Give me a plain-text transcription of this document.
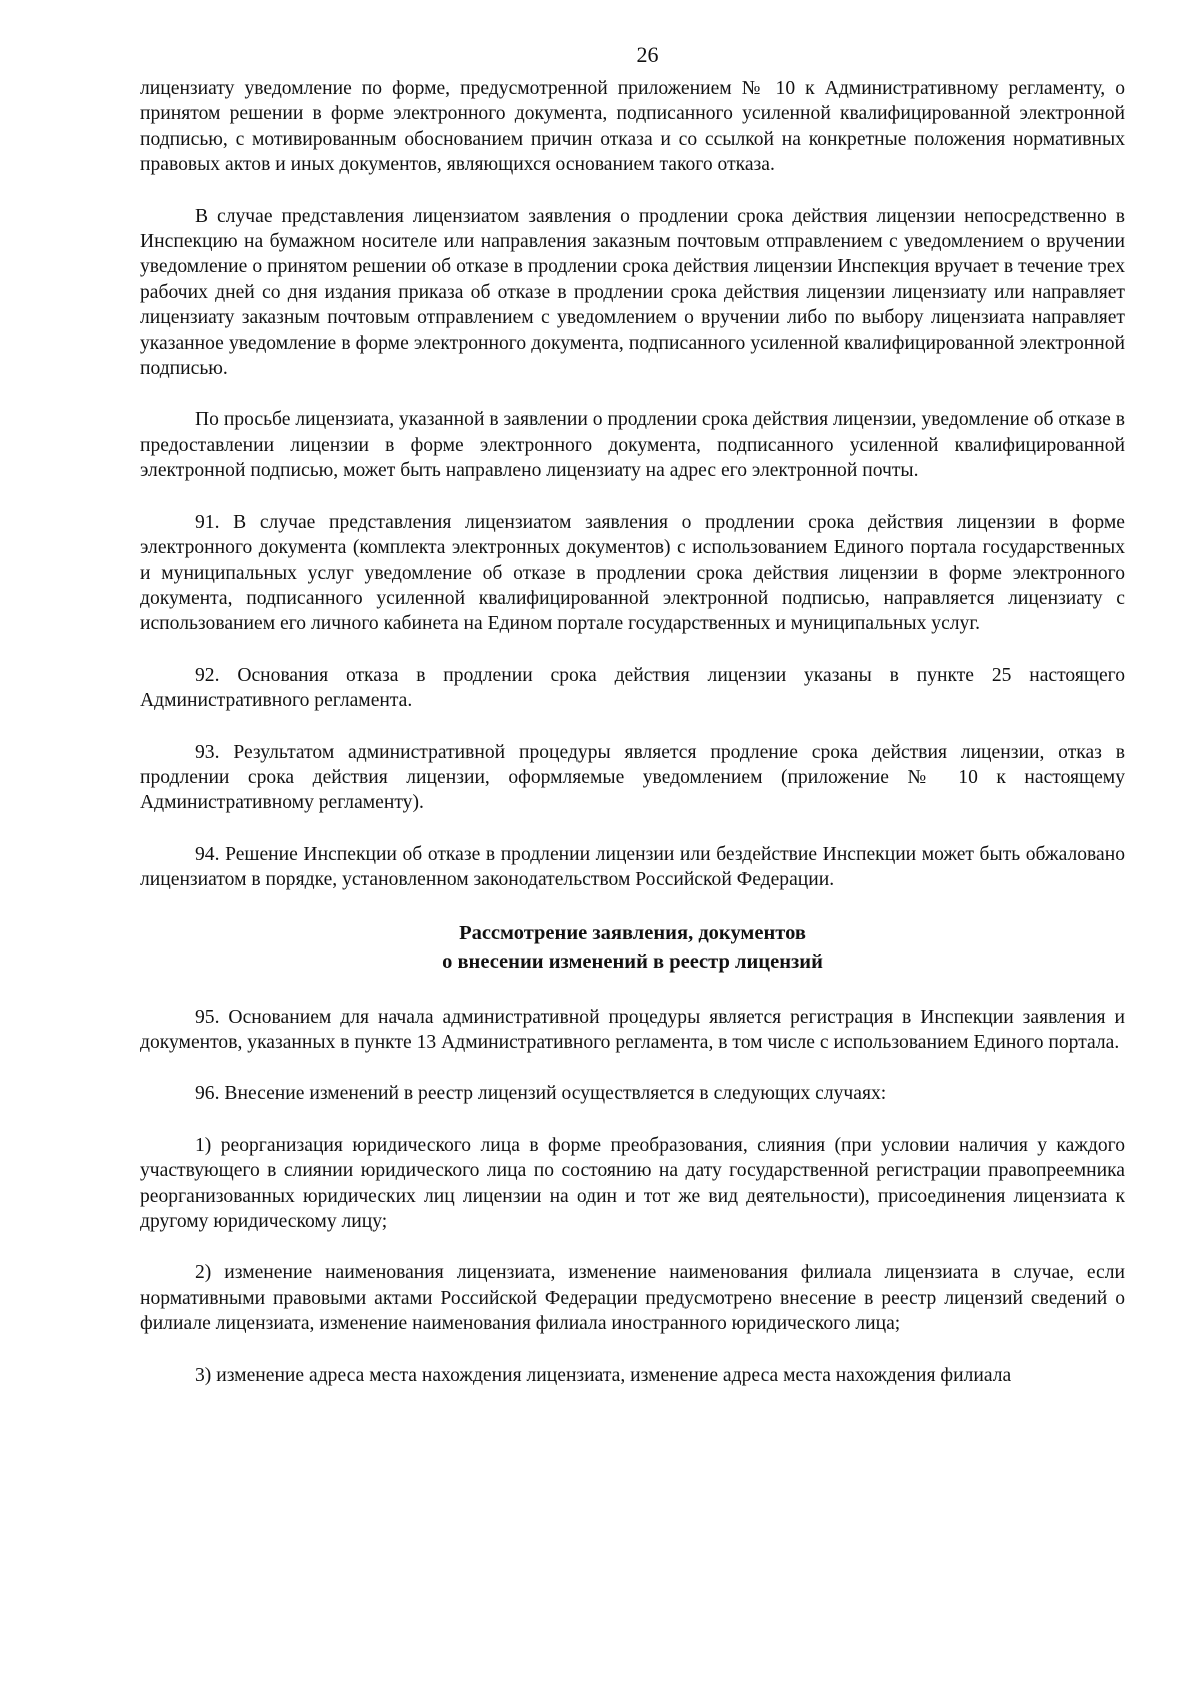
26

лицензиату уведомление по форме, предусмотренной приложением № 10 к Административному регламенту, о принятом решении в форме электронного документа, подписанного усиленной квалифицированной электронной подписью, с мотивированным обоснованием причин отказа и со ссылкой на конкретные положения нормативных правовых актов и иных документов, являющихся основанием такого отказа.

В случае представления лицензиатом заявления о продлении срока действия лицензии непосредственно в Инспекцию на бумажном носителе или направления заказным почтовым отправлением с уведомлением о вручении уведомление о принятом решении об отказе в продлении срока действия лицензии Инспекция вручает в течение трех рабочих дней со дня издания приказа об отказе в продлении срока действия лицензии лицензиату или направляет лицензиату заказным почтовым отправлением с уведомлением о вручении либо по выбору лицензиата направляет указанное уведомление в форме электронного документа, подписанного усиленной квалифицированной электронной подписью.

По просьбе лицензиата, указанной в заявлении о продлении срока действия лицензии, уведомление об отказе в предоставлении лицензии в форме электронного документа, подписанного усиленной квалифицированной электронной подписью, может быть направлено лицензиату на адрес его электронной почты.

91. В случае представления лицензиатом заявления о продлении срока действия лицензии в форме электронного документа (комплекта электронных документов) с использованием Единого портала государственных и муниципальных услуг уведомление об отказе в продлении срока действия лицензии в форме электронного документа, подписанного усиленной квалифицированной электронной подписью, направляется лицензиату с использованием его личного кабинета на Едином портале государственных и муниципальных услуг.

92. Основания отказа в продлении срока действия лицензии указаны в пункте 25 настоящего Административного регламента.

93. Результатом административной процедуры является продление срока действия лицензии, отказ в продлении срока действия лицензии, оформляемые уведомлением (приложение № 10 к настоящему Административному регламенту).

94. Решение Инспекции об отказе в продлении лицензии или бездействие Инспекции может быть обжаловано лицензиатом в порядке, установленном законодательством Российской Федерации.

Рассмотрение заявления, документов
о внесении изменений в реестр лицензий

95. Основанием для начала административной процедуры является регистрация в Инспекции заявления и документов, указанных в пункте 13 Административного регламента, в том числе с использованием Единого портала.

96. Внесение изменений в реестр лицензий осуществляется в следующих случаях:

1) реорганизация юридического лица в форме преобразования, слияния (при условии наличия у каждого участвующего в слиянии юридического лица по состоянию на дату государственной регистрации правопреемника реорганизованных юридических лиц лицензии на один и тот же вид деятельности), присоединения лицензиата к другому юридическому лицу;

2) изменение наименования лицензиата, изменение наименования филиала лицензиата в случае, если нормативными правовыми актами Российской Федерации предусмотрено внесение в реестр лицензий сведений о филиале лицензиата, изменение наименования филиала иностранного юридического лица;

3) изменение адреса места нахождения лицензиата, изменение адреса места нахождения филиала
